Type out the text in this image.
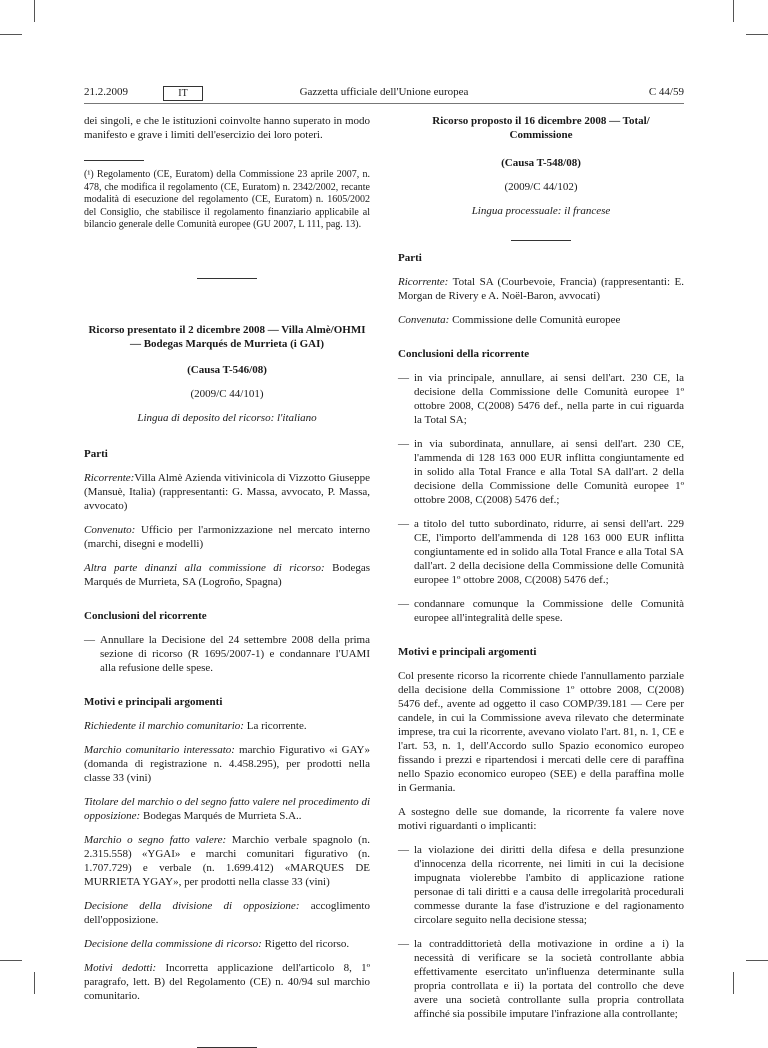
21.2.2009	IT	Gazzetta ufficiale dell'Unione europea	C 44/59

dei singoli, e che le istituzioni coinvolte hanno superato in modo manifesto e grave i limiti dell'esercizio dei loro poteri.

(¹) Regolamento (CE, Euratom) della Commissione 23 aprile 2007, n. 478, che modifica il regolamento (CE, Euratom) n. 2342/2002, recante modalità di esecuzione del regolamento (CE, Euratom) n. 1605/2002 del Consiglio, che stabilisce il regolamento finanziario applicabile al bilancio generale delle Comunità europee (GU 2007, L 111, pag. 13).

Ricorso presentato il 2 dicembre 2008 — Villa Almè/OHMI — Bodegas Marqués de Murrieta (i GAI)

(Causa T-546/08)

(2009/C 44/101)

Lingua di deposito del ricorso: l'italiano

Parti

Ricorrente:Villa Almè Azienda vitivinicola di Vizzotto Giuseppe (Mansuè, Italia) (rappresentanti: G. Massa, avvocato, P. Massa, avvocato)

Convenuto: Ufficio per l'armonizzazione nel mercato interno (marchi, disegni e modelli)

Altra parte dinanzi alla commissione di ricorso: Bodegas Marqués de Murrieta, SA (Logroño, Spagna)

Conclusioni del ricorrente

— Annullare la Decisione del 24 settembre 2008 della prima sezione di ricorso (R 1695/2007-1) e condannare l'UAMI alla refusione delle spese.

Motivi e principali argomenti

Richiedente il marchio comunitario: La ricorrente.

Marchio comunitario interessato: marchio Figurativo «i GAY» (domanda di registrazione n. 4.458.295), per prodotti nella classe 33 (vini)

Titolare del marchio o del segno fatto valere nel procedimento di opposizione: Bodegas Marqués de Murrieta S.A..

Marchio o segno fatto valere: Marchio verbale spagnolo (n. 2.315.558) «YGAI» e marchi comunitari figurativo (n. 1.707.729) e verbale (n. 1.699.412) «MARQUES DE MURRIETA YGAY», per prodotti nella classe 33 (vini)

Decisione della divisione di opposizione: accoglimento dell'opposizione.

Decisione della commissione di ricorso: Rigetto del ricorso.

Motivi dedotti: Incorretta applicazione dell'articolo 8, 1º paragrafo, lett. B) del Regolamento (CE) n. 40/94 sul marchio comunitario.

Ricorso proposto il 16 dicembre 2008 — Total/ Commissione

(Causa T-548/08)

(2009/C 44/102)

Lingua processuale: il francese

Parti

Ricorrente: Total SA (Courbevoie, Francia) (rappresentanti: E. Morgan de Rivery e A. Noël-Baron, avvocati)

Convenuta: Commissione delle Comunità europee

Conclusioni della ricorrente

— in via principale, annullare, ai sensi dell'art. 230 CE, la decisione della Commissione delle Comunità europee 1º ottobre 2008, C(2008) 5476 def., nella parte in cui riguarda la Total SA;
— in via subordinata, annullare, ai sensi dell'art. 230 CE, l'ammenda di 128 163 000 EUR inflitta congiuntamente ed in solido alla Total France e alla Total SA dall'art. 2 della decisione della Commissione delle Comunità europee 1º ottobre 2008, C(2008) 5476 def.;
— a titolo del tutto subordinato, ridurre, ai sensi dell'art. 229 CE, l'importo dell'ammenda di 128 163 000 EUR inflitta congiuntamente ed in solido alla Total France e alla Total SA dall'art. 2 della decisione della Commissione delle Comunità europee 1º ottobre 2008, C(2008) 5476 def.;
— condannare comunque la Commissione delle Comunità europee all'integralità delle spese.

Motivi e principali argomenti

Col presente ricorso la ricorrente chiede l'annullamento parziale della decisione della Commissione 1º ottobre 2008, C(2008) 5476 def., avente ad oggetto il caso COMP/39.181 — Cere per candele, in cui la Commissione aveva rilevato che determinate imprese, tra cui la ricorrente, avevano violato l'art. 81, n. 1, CE e l'art. 53, n. 1, dell'Accordo sullo Spazio economico europeo fissando i prezzi e ripartendosi i mercati delle cere di paraffina nello Spazio economico europeo (SEE) e della paraffina molle in Germania.

A sostegno delle sue domande, la ricorrente fa valere nove motivi riguardanti o implicanti:

— la violazione dei diritti della difesa e della presunzione d'innocenza della ricorrente, nei limiti in cui la decisione impugnata violerebbe l'ambito di applicazione ratione personae di tali diritti e a causa delle irregolarità procedurali commesse durante la fase d'istruzione e del ragionamento circolare seguito nella decisione stessa;
— la contraddittorietà della motivazione in ordine a i) la necessità di verificare se la società controllante abbia effettivamente esercitato un'influenza determinante sulla propria controllata e ii) la portata del controllo che deve avere una società controllante sulla propria controllata affinché sia possibile imputare l'infrazione alla controllante;
